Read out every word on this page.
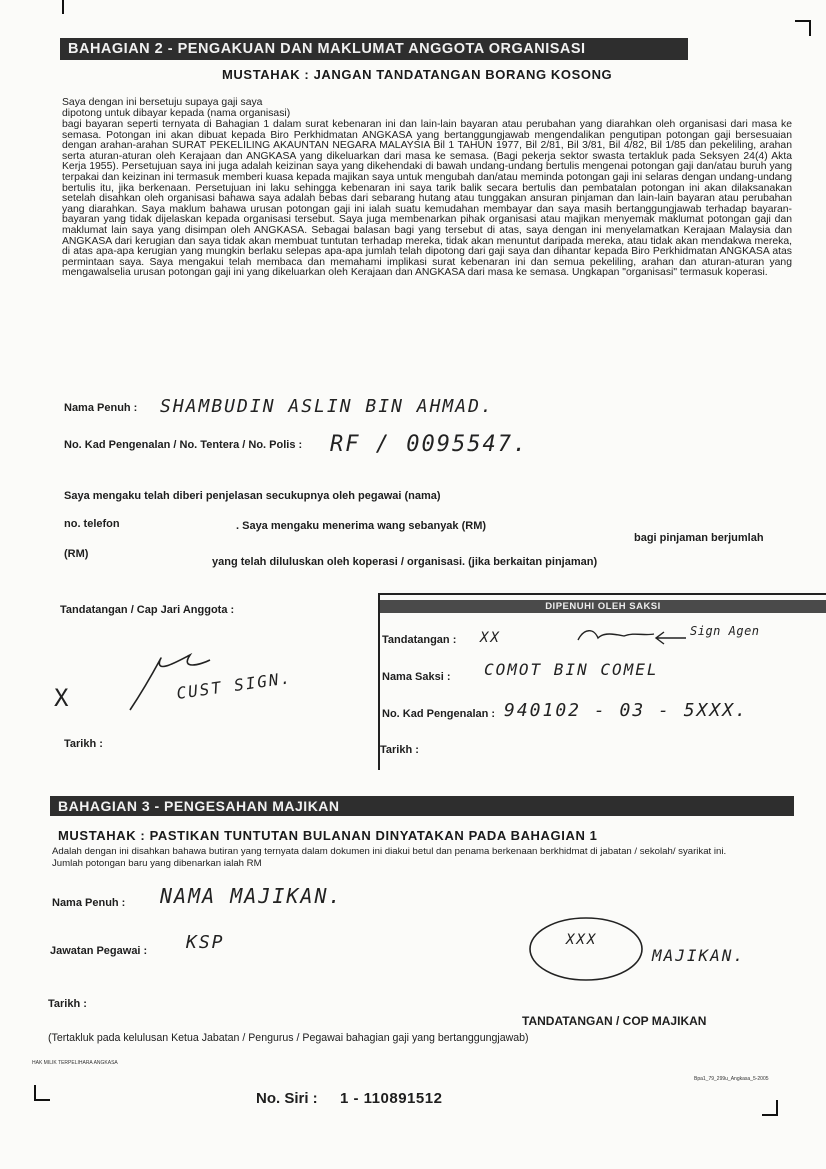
BAHAGIAN 2 - PENGAKUAN DAN MAKLUMAT ANGGOTA ORGANISASI
MUSTAHAK : JANGAN TANDATANGAN BORANG KOSONG
Saya dengan ini bersetuju supaya gaji saya
dipotong untuk dibayar kepada (nama organisasi)
bagi bayaran seperti ternyata di Bahagian 1 dalam surat kebenaran ini dan lain-lain bayaran atau perubahan yang diarahkan oleh organisasi dari masa ke semasa. Potongan ini akan dibuat kepada Biro Perkhidmatan ANGKASA yang bertanggungjawab mengendalikan pengutipan potongan gaji bersesuaian dengan arahan-arahan SURAT PEKELILING AKAUNTAN NEGARA MALAYSIA Bil 1 TAHUN 1977, Bil 2/81, Bil 3/81, Bil 4/82, Bil 1/85 dan pekeliling, arahan serta aturan-aturan oleh Kerajaan dan ANGKASA yang dikeluarkan dari masa ke semasa. (Bagi pekerja sektor swasta tertakluk pada Seksyen 24(4) Akta Kerja 1955). Persetujuan saya ini juga adalah keizinan saya yang dikehendaki di bawah undang-undang bertulis mengenai potongan gaji dan/atau buruh yang terpakai dan keizinan ini termasuk memberi kuasa kepada majikan saya untuk mengubah dan/atau meminda potongan gaji ini selaras dengan undang-undang bertulis itu, jika berkenaan. Persetujuan ini laku sehingga kebenaran ini saya tarik balik secara bertulis dan pembatalan potongan ini akan dilaksanakan setelah disahkan oleh organisasi bahawa saya adalah bebas dari sebarang hutang atau tunggakan ansuran pinjaman dan lain-lain bayaran atau perubahan yang diarahkan. Saya maklum bahawa urusan potongan gaji ini ialah suatu kemudahan membayar dan saya masih bertanggungjawab terhadap bayaran-bayaran yang tidak dijelaskan kepada organisasi tersebut. Saya juga membenarkan pihak organisasi atau majikan menyemak maklumat potongan gaji dan maklumat lain saya yang disimpan oleh ANGKASA. Sebagai balasan bagi yang tersebut di atas, saya dengan ini menyelamatkan Kerajaan Malaysia dan ANGKASA dari kerugian dan saya tidak akan membuat tuntutan terhadap mereka, tidak akan menuntut daripada mereka, atau tidak akan mendakwa mereka, di atas apa-apa kerugian yang mungkin berlaku selepas apa-apa jumlah telah dipotong dari gaji saya dan dihantar kepada Biro Perkhidmatan ANGKASA atas permintaan saya. Saya mengakui telah membaca dan memahami implikasi surat kebenaran ini dan semua pekeliling, arahan dan aturan-aturan yang mengawalselia urusan potongan gaji ini yang dikeluarkan oleh Kerajaan dan ANGKASA dari masa ke semasa. Ungkapan "organisasi" termasuk koperasi.
Nama Penuh : SHAMBUDIN ASLIN BIN AHMAD.
No. Kad Pengenalan / No. Tentera / No. Polis : RF / 0095547.
Saya mengaku telah diberi penjelasan secukupnya oleh pegawai (nama)
no. telefon	. Saya mengaku menerima wang sebanyak (RM)
bagi pinjaman berjumlah
(RM)
yang telah diluluskan oleh koperasi / organisasi. (jika berkaitan pinjaman)
Tandatangan / Cap Jari Anggota :
X	CUST SIGN.
Tarikh :
DIPENUHI OLEH SAKSI
Tandatangan : XX	Sign Agen
Nama Saksi : COMOT BIN COMEL
No. Kad Pengenalan : 940102 - 03 - 5XXX.
Tarikh :
BAHAGIAN 3 - PENGESAHAN MAJIKAN
MUSTAHAK : PASTIKAN TUNTUTAN BULANAN DINYATAKAN PADA BAHAGIAN 1
Adalah dengan ini disahkan bahawa butiran yang ternyata dalam dokumen ini diakui betul dan penama berkenaan berkhidmat di jabatan / sekolah/ syarikat ini.
Jumlah potongan baru yang dibenarkan ialah RM
Nama Penuh : NAMA MAJIKAN.
Jawatan Pegawai : KSP	XXX
MAJIKAN.
Tarikh :
TANDATANGAN / COP MAJIKAN
(Tertakluk pada kelulusan Ketua Jabatan / Pengurus / Pegawai bahagian gaji yang bertanggungjawab)
HAK MILIK TERPELIHARA ANGKASA
No. Siri : 1 - 110891512
Bpa1_79_299u_Angkasa_5-2005
